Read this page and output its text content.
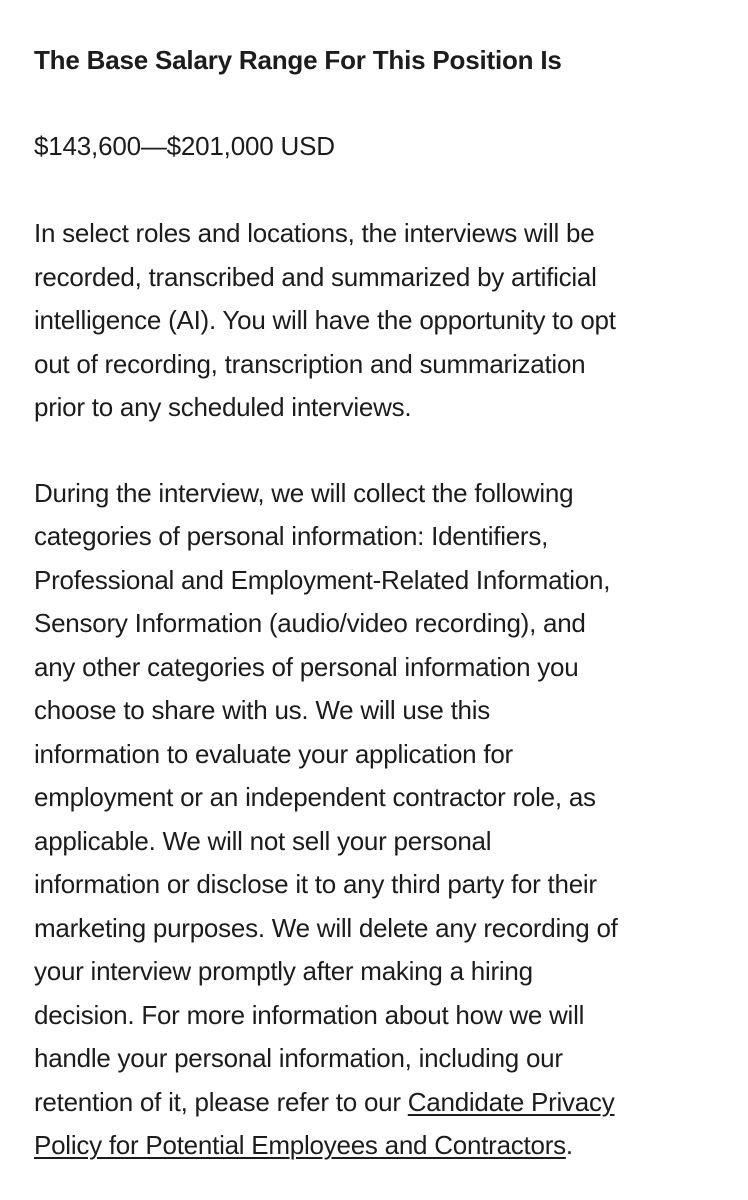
The Base Salary Range For This Position Is

$143,600—$201,000 USD

In select roles and locations, the interviews will be
recorded, transcribed and summarized by artificial
intelligence (AI). You will have the opportunity to opt
out of recording, transcription and summarization
prior to any scheduled interviews.

During the interview, we will collect the following
categories of personal information: Identifiers,
Professional and Employment-Related Information,
Sensory Information (audio/video recording), and
any other categories of personal information you
choose to share with us. We will use this
information to evaluate your application for
employment or an independent contractor role, as
applicable. We will not sell your personal
information or disclose it to any third party for their
marketing purposes. We will delete any recording of
your interview promptly after making a hiring
decision. For more information about how we will
handle your personal information, including our
retention of it, please refer to our Candidate Privacy
Policy for Potential Employees and Contractors.
